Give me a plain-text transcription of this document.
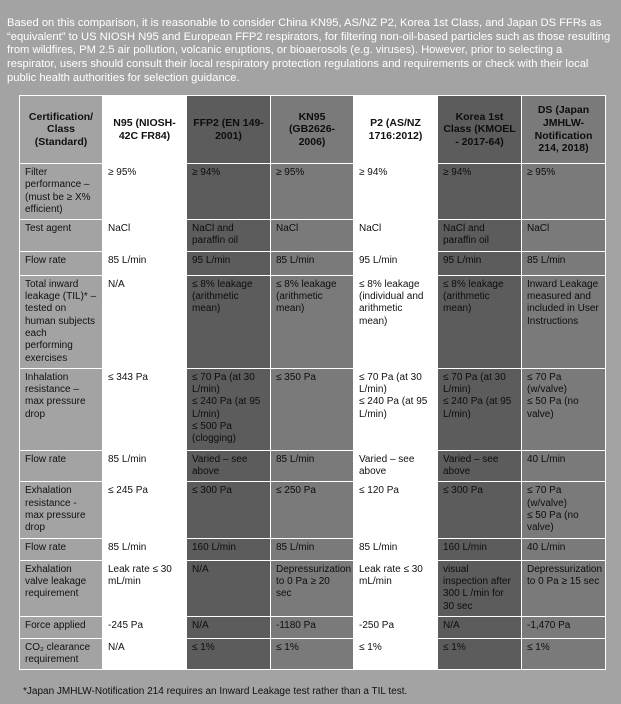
Based on this comparison, it is reasonable to consider China KN95, AS/NZ P2, Korea 1st Class, and Japan DS FFRs as “equivalent” to US NIOSH N95 and European FFP2 respirators, for filtering non-oil-based particles such as those resulting from wildfires, PM 2.5 air pollution, volcanic eruptions, or bioaerosols (e.g. viruses). However, prior to selecting a respirator, users should consult their local respiratory protection regulations and requirements or check with their local public health authorities for selection guidance.

Certification/ Class (Standard)	N95 (NIOSH-42C FR84)	FFP2 (EN 149-2001)	KN95 (GB2626-2006)	P2 (AS/NZ 1716:2012)	Korea 1st Class (KMOEL - 2017-64)	DS (Japan JMHLW-Notification 214, 2018)
Filter performance – (must be ≥ X% efficient)	≥ 95%	≥ 94%	≥ 95%	≥ 94%	≥ 94%	≥ 95%
Test agent	NaCl	NaCl and paraffin oil	NaCl	NaCl	NaCl and paraffin oil	NaCl
Flow rate	85 L/min	95 L/min	85 L/min	95 L/min	95 L/min	85 L/min
Total inward leakage (TIL)* – tested on human subjects each performing exercises	N/A	≤ 8% leakage (arithmetic mean)	≤ 8% leakage (arithmetic mean)	≤ 8% leakage (individual and arithmetic mean)	≤ 8% leakage (arithmetic mean)	Inward Leakage measured and included in User Instructions
Inhalation resistance – max pressure drop	≤ 343 Pa	≤ 70 Pa (at 30 L/min)
≤ 240 Pa (at 95 L/min)
≤ 500 Pa (clogging)	≤ 350 Pa	≤ 70 Pa (at 30 L/min)
≤ 240 Pa (at 95 L/min)	≤ 70 Pa (at 30 L/min)
≤ 240 Pa (at 95 L/min)	≤ 70 Pa (w/valve)
≤ 50 Pa (no valve)
Flow rate	85 L/min	Varied – see above	85 L/min	Varied – see above	Varied – see above	40 L/min
Exhalation resistance - max pressure drop	≤ 245 Pa	≤ 300 Pa	≤ 250 Pa	≤ 120 Pa	≤ 300 Pa	≤ 70 Pa (w/valve)
≤ 50 Pa (no valve)
Flow rate	85 L/min	160 L/min	85 L/min	85 L/min	160 L/min	40 L/min
Exhalation valve leakage requirement	Leak rate ≤ 30 mL/min	N/A	Depressurization to 0 Pa ≥ 20 sec	Leak rate ≤ 30 mL/min	visual inspection after 300 L /min for 30 sec	Depressurization to 0 Pa ≥ 15 sec
Force applied	-245 Pa	N/A	-1180 Pa	-250 Pa	N/A	-1,470 Pa
CO₂ clearance requirement	N/A	≤ 1%	≤ 1%	≤ 1%	≤ 1%	≤ 1%

*Japan JMHLW-Notification 214 requires an Inward Leakage test rather than a TIL test.
